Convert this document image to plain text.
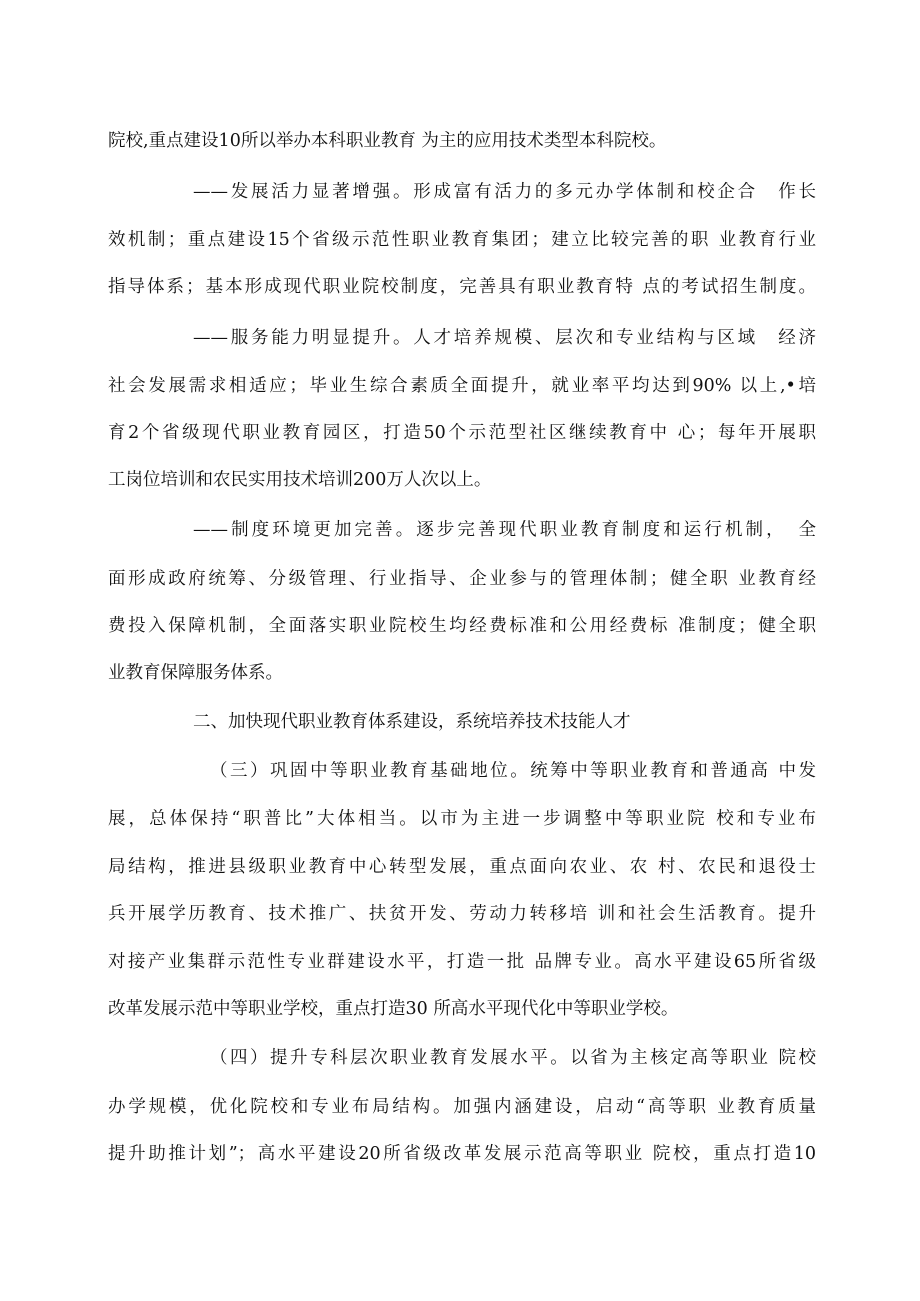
院校,重点建设10所以举办本科职业教育 为主的应用技术类型本科院校。
——发展活力显著增强。形成富有活力的多元办学体制和校企合　作长
效机制；重点建设15个省级示范性职业教育集团；建立比较完善的职 业教育行业
指导体系；基本形成现代职业院校制度，完善具有职业教育特 点的考试招生制度。
——服务能力明显提升。人才培养规模、层次和专业结构与区域　经济
社会发展需求相适应；毕业生综合素质全面提升，就业率平均达到90% 以上,•培
育2个省级现代职业教育园区，打造50个示范型社区继续教育中 心；每年开展职
工岗位培训和农民实用技术培训200万人次以上。
——制度环境更加完善。逐步完善现代职业教育制度和运行机制，　全
面形成政府统筹、分级管理、行业指导、企业参与的管理体制；健全职 业教育经
费投入保障机制，全面落实职业院校生均经费标准和公用经费标 准制度；健全职
业教育保障服务体系。
二、加快现代职业教育体系建设，系统培养技术技能人才
（三）巩固中等职业教育基础地位。统筹中等职业教育和普通高 中发
展，总体保持“职普比”大体相当。以市为主进一步调整中等职业院 校和专业布
局结构，推进县级职业教育中心转型发展，重点面向农业、农 村、农民和退役士
兵开展学历教育、技术推广、扶贫开发、劳动力转移培 训和社会生活教育。提升
对接产业集群示范性专业群建设水平，打造一批 品牌专业。高水平建设65所省级
改革发展示范中等职业学校，重点打造30 所高水平现代化中等职业学校。
（四）提升专科层次职业教育发展水平。以省为主核定高等职业 院校
办学规模，优化院校和专业布局结构。加强内涵建设，启动“高等职 业教育质量
提升助推计划”；高水平建设20所省级改革发展示范高等职业 院校，重点打造10
